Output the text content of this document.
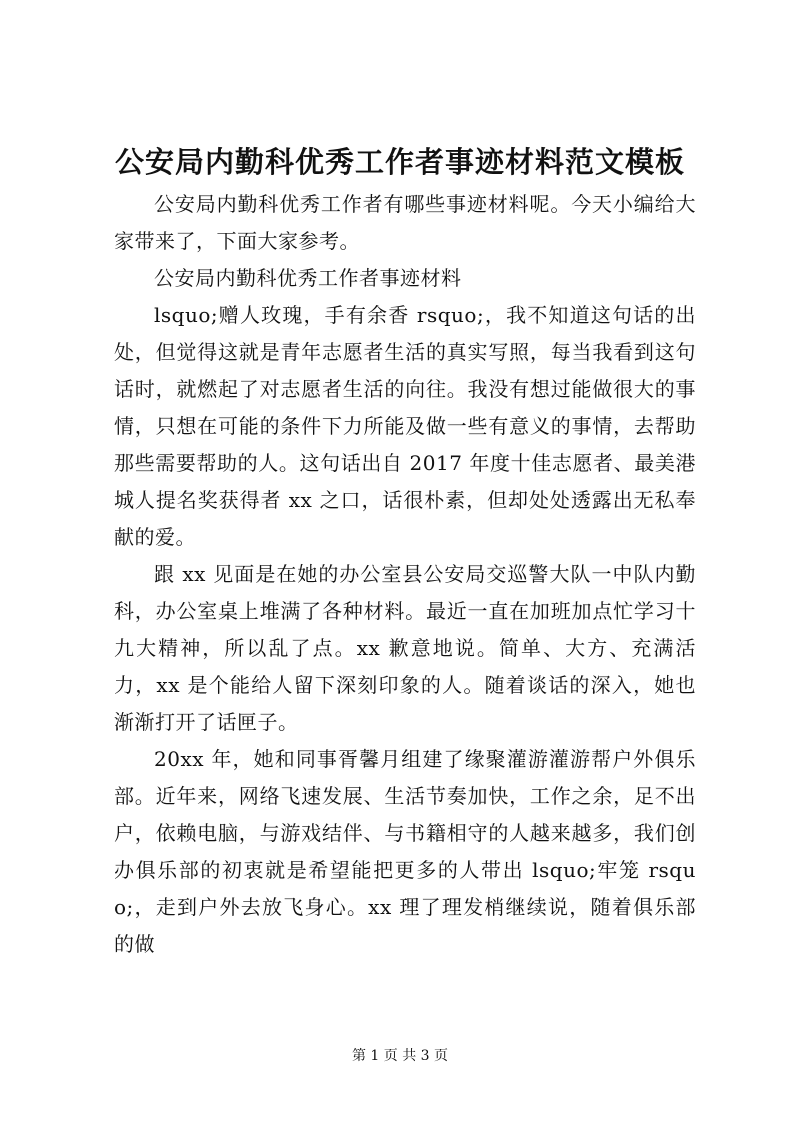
公安局内勤科优秀工作者事迹材料范文模板

公安局内勤科优秀工作者有哪些事迹材料呢。今天小编给大家带来了，下面大家参考。

公安局内勤科优秀工作者事迹材料

lsquo;赠人玫瑰，手有余香 rsquo;，我不知道这句话的出处，但觉得这就是青年志愿者生活的真实写照，每当我看到这句话时，就燃起了对志愿者生活的向往。我没有想过能做很大的事情，只想在可能的条件下力所能及做一些有意义的事情，去帮助那些需要帮助的人。这句话出自 2017 年度十佳志愿者、最美港城人提名奖获得者 xx 之口，话很朴素，但却处处透露出无私奉献的爱。

跟 xx 见面是在她的办公室县公安局交巡警大队一中队内勤科，办公室桌上堆满了各种材料。最近一直在加班加点忙学习十九大精神，所以乱了点。xx 歉意地说。简单、大方、充满活力，xx 是个能给人留下深刻印象的人。随着谈话的深入，她也渐渐打开了话匣子。

20xx 年，她和同事胥馨月组建了缘聚灌游灌游帮户外俱乐部。近年来，网络飞速发展、生活节奏加快，工作之余，足不出户，依赖电脑，与游戏结伴、与书籍相守的人越来越多，我们创办俱乐部的初衷就是希望能把更多的人带出 lsquo;牢笼 rsquo;，走到户外去放飞身心。xx 理了理发梢继续说，随着俱乐部的做

第 1 页 共 3 页
